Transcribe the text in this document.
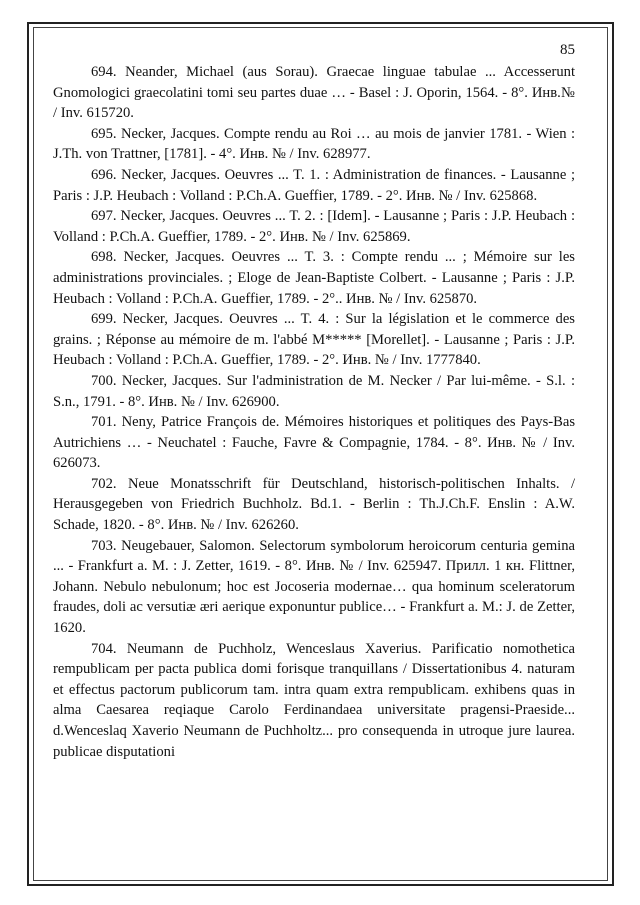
85

694. Neander, Michael (aus Sorau). Graecae linguae tabulae ... Accesserunt Gnomologici graecolatini tomi seu partes duae … - Basel : J. Oporin, 1564. - 8°. Инв.№ / Inv. 615720.

695. Necker, Jacques. Compte rendu au Roi … au mois de janvier 1781. - Wien : J.Th. von Trattner, [1781]. - 4°. Инв. № / Inv. 628977.

696. Necker, Jacques. Oeuvres ... T. 1. : Administration de finances. - Lausanne ; Paris : J.P. Heubach : Volland : P.Ch.A. Gueffier, 1789. - 2°. Инв. № / Inv. 625868.

697. Necker, Jacques. Oeuvres ... T. 2. : [Idem]. - Lausanne ; Paris : J.P. Heubach : Volland : P.Ch.A. Gueffier, 1789. - 2°. Инв. № / Inv. 625869.

698. Necker, Jacques. Oeuvres ... T. 3. : Compte rendu ... ; Mémoire sur les administrations provinciales. ; Eloge de Jean-Baptiste Colbert. - Lausanne ; Paris : J.P. Heubach : Volland : P.Ch.A. Gueffier, 1789. - 2°.. Инв. № / Inv. 625870.

699. Necker, Jacques. Oeuvres ... T. 4. : Sur la législation et le commerce des grains. ; Réponse au mémoire de m. l'abbé M***** [Morellet]. - Lausanne ; Paris : J.P. Heubach : Volland : P.Ch.A. Gueffier, 1789. - 2°. Инв. № / Inv. 1777840.

700. Necker, Jacques. Sur l'administration de M. Necker / Par lui-même. - S.l. : S.n., 1791. - 8°. Инв. № / Inv. 626900.

701. Neny, Patrice François de. Mémoires historiques et politiques des Pays-Bas Autrichiens … - Neuchatel : Fauche, Favre & Compagnie, 1784. - 8°. Инв. № / Inv. 626073.

702. Neue Monatsschrift für Deutschland, historisch-politischen Inhalts. / Herausgegeben von Friedrich Buchholz. Bd.1. - Berlin : Th.J.Ch.F. Enslin : A.W. Schade, 1820. - 8°. Инв. № / Inv. 626260.

703. Neugebauer, Salomon. Selectorum symbolorum heroicorum centuria gemina ... - Frankfurt a. M. : J. Zetter, 1619. - 8°. Инв. № / Inv. 625947. Прилл. 1 кн. Flittner, Johann. Nebulo nebulonum; hoc est Jocoseria modernae… qua hominum sceleratorum fraudes, doli ac versutiæ æri aerique exponuntur publice… - Frankfurt a. M.: J. de Zetter, 1620.

704. Neumann de Puchholz, Wenceslaus Xaverius. Parificatio nomothetica rempublicam per pacta publica domi forisque tranquillans / Dissertationibus 4. naturam et effectus pactorum publicorum tam. intra quam extra rempublicam. exhibens quas in alma Caesarea reqiaque Carolo Ferdinandaea universitate pragensi-Praeside... d.Wenceslaq Xaverio Neumann de Puchholtz... pro consequenda in utroque jure laurea. publicae disputationi
